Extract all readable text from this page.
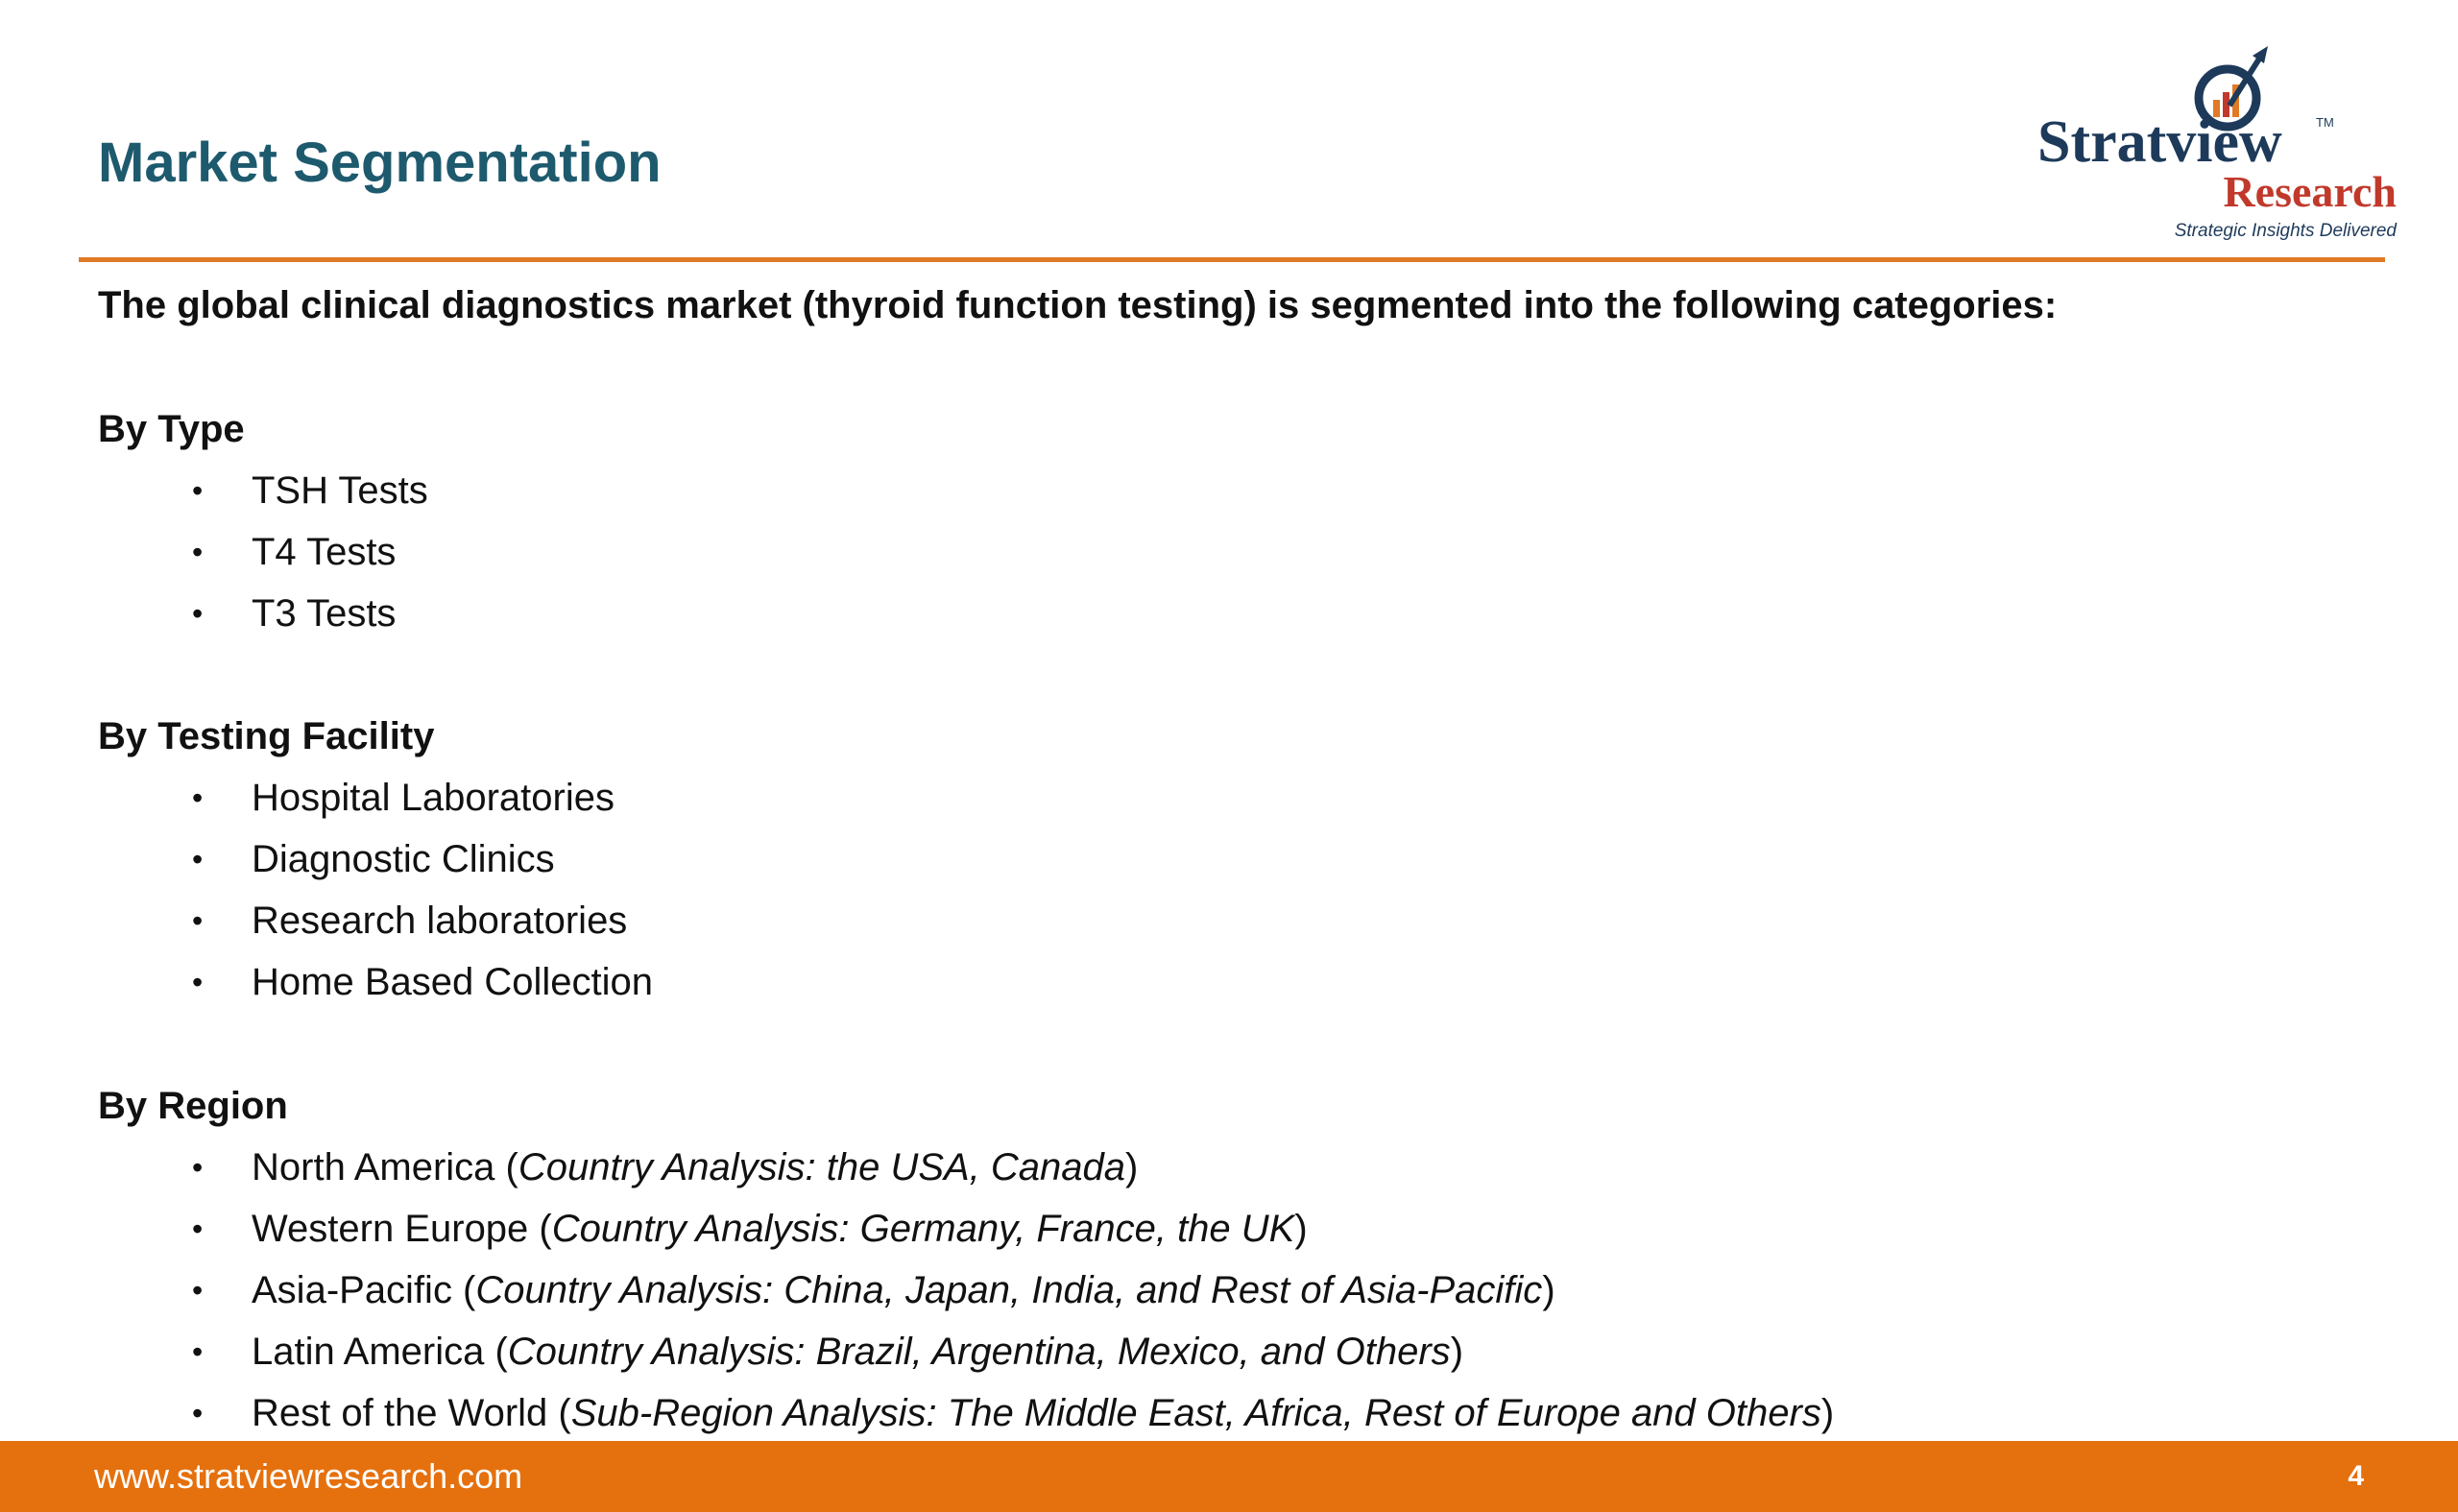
Market Segmentation	Stratview	TM
Research
Strategic Insights Delivered
The global clinical diagnostics market (thyroid function testing) is segmented into the following categories:
By Type
• TSH Tests
• T4 Tests
• T3 Tests
By Testing Facility
• Hospital Laboratories
• Diagnostic Clinics
• Research laboratories
• Home Based Collection
By Region
• North America (Country Analysis: the USA, Canada)
• Western Europe (Country Analysis: Germany, France, the UK)
• Asia-Pacific (Country Analysis: China, Japan, India, and Rest of Asia-Pacific)
• Latin America (Country Analysis: Brazil, Argentina, Mexico, and Others)
• Rest of the World (Sub-Region Analysis: The Middle East, Africa, Rest of Europe and Others)
www.stratviewresearch.com	4
